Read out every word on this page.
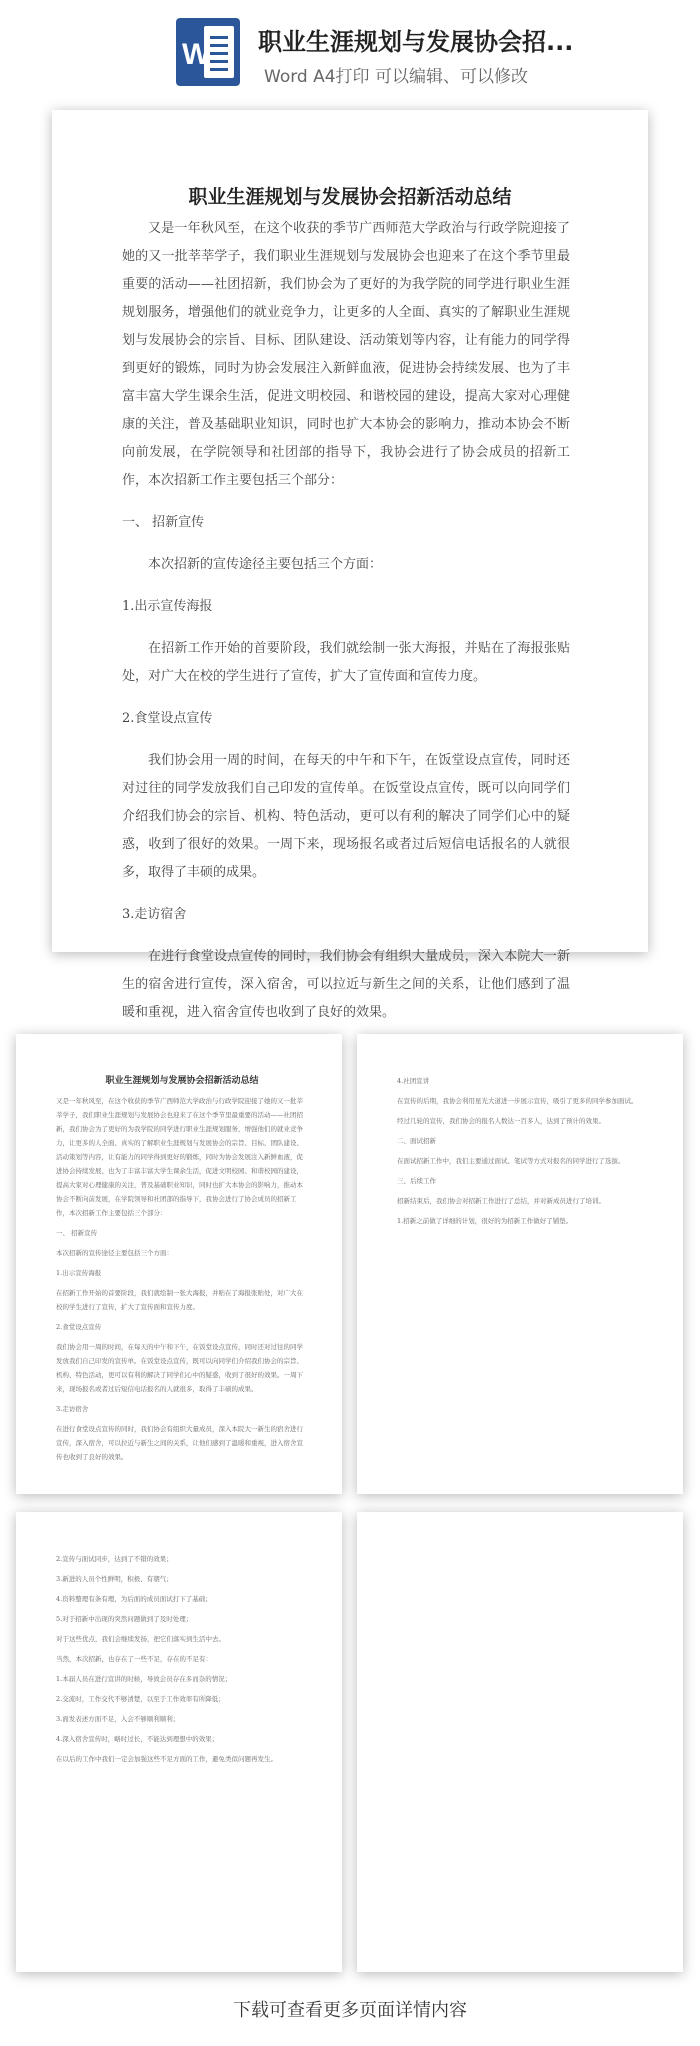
W 职业生涯规划与发展协会招...
Word A4打印 可以编辑、可以修改
职业生涯规划与发展协会招新活动总结

又是一年秋风至，在这个收获的季节广西师范大学政治与行政学院迎接了她的又一批莘莘学子，我们职业生涯规划与发展协会也迎来了在这个季节里最重要的活动——社团招新，我们协会为了更好的为我学院的同学进行职业生涯规划服务，增强他们的就业竞争力，让更多的人全面、真实的了解职业生涯规划与发展协会的宗旨、目标、团队建设、活动策划等内容，让有能力的同学得到更好的锻炼，同时为协会发展注入新鲜血液，促进协会持续发展、也为了丰富丰富大学生课余生活，促进文明校园、和谐校园的建设，提高大家对心理健康的关注，普及基础职业知识，同时也扩大本协会的影响力，推动本协会不断向前发展，在学院领导和社团部的指导下，我协会进行了协会成员的招新工作，本次招新工作主要包括三个部分：

一、 招新宣传

本次招新的宣传途径主要包括三个方面：

1.出示宣传海报

在招新工作开始的首要阶段，我们就绘制一张大海报，并贴在了海报张贴处，对广大在校的学生进行了宣传，扩大了宣传面和宣传力度。

2.食堂设点宣传

我们协会用一周的时间，在每天的中午和下午，在饭堂设点宣传，同时还对过往的同学发放我们自己印发的宣传单。在饭堂设点宣传，既可以向同学们介绍我们协会的宗旨、机构、特色活动，更可以有利的解决了同学们心中的疑惑，收到了很好的效果。一周下来，现场报名或者过后短信电话报名的人就很多，取得了丰硕的成果。

3.走访宿舍

在进行食堂设点宣传的同时，我们协会有组织大量成员，深入本院大一新生的宿舍进行宣传，深入宿舍，可以拉近与新生之间的关系，让他们感到了温暖和重视，进入宿舍宣传也收到了良好的效果。

职业生涯规划与发展协会招新活动总结

又是一年秋风至，在这个收获的季节广西师范大学政治与行政学院迎接了她的又一批莘莘学子，我们职业生涯规划与发展协会也迎来了在这个季节里最重要的活动——社团招新，我们协会为了更好的为我学院的同学进行职业生涯规划服务，增强他们的就业竞争力，让更多的人全面、真实的了解职业生涯规划与发展协会的宗旨、目标、团队建设、活动策划等内容，让有能力的同学得到更好的锻炼，同时为协会发展注入新鲜血液，促进协会持续发展、也为了丰富丰富大学生课余生活，促进文明校园、和谐校园的建设，提高大家对心理健康的关注，普及基础职业知识，同时也扩大本协会的影响力，推动本协会不断向前发展，在学院领导和社团部的指导下，我协会进行了协会成员的招新工作，本次招新工作主要包括三个部分：

一、 招新宣传

本次招新的宣传途径主要包括三个方面：

1.出示宣传海报

在招新工作开始的首要阶段，我们就绘制一张大海报，并贴在了海报张贴处，对广大在校的学生进行了宣传，扩大了宣传面和宣传力度。

2.食堂设点宣传

我们协会用一周的时间，在每天的中午和下午，在饭堂设点宣传，同时还对过往的同学发放我们自己印发的宣传单。在饭堂设点宣传，既可以向同学们介绍我们协会的宗旨、机构、特色活动，更可以有利的解决了同学们心中的疑惑，收到了很好的效果。一周下来，现场报名或者过后短信电话报名的人就很多，取得了丰硕的成果。

3.走访宿舍

在进行食堂设点宣传的同时，我们协会有组织大量成员，深入本院大一新生的宿舍进行宣传，深入宿舍，可以拉近与新生之间的关系，让他们感到了温暖和重视，进入宿舍宣传也收到了良好的效果。

4.社团宣讲

在宣传的后期，我协会利用星光大道进一步展示宣传，吸引了更多的同学参加面试。

经过几轮的宣传，我们协会的报名人数达一百多人，达到了预计的效果。

二、面试招新

在面试招新工作中，我们主要通过面试、笔试等方式对报名的同学进行了选拔。

三、后续工作

招新结束后，我们协会对招新工作进行了总结，并对新成员进行了培训。

1.招新之前做了详细的计划，很好的为招新工作做好了铺垫。

2.宣传与面试同步，达到了不错的效果；

3.新进的人员个性鲜明，积极、有朝气；

4.资料整理有条有理，为后面的成员面试打下了基础；

5.对于招新中出现的突然问题做到了及时处理；

对于这些优点，我们会继续发扬，把它们落实到生活中去。

当然，本次招新，也存在了一些不足，存在的不足有：

1.本届人员在进行宣讲的时候，导致会员存在多而杂的情况；

2.交流时，工作交代不够清楚，以至于工作效率有所降低；

3.面发表述方面不足，入会不够顺利顺利；

4.深入宿舍宣传时，略时过长，不能达到理想中的效果；

在以后的工作中我们一定会加强这些不足方面的工作，避免类似问题再发生。

下载可查看更多页面详情内容
